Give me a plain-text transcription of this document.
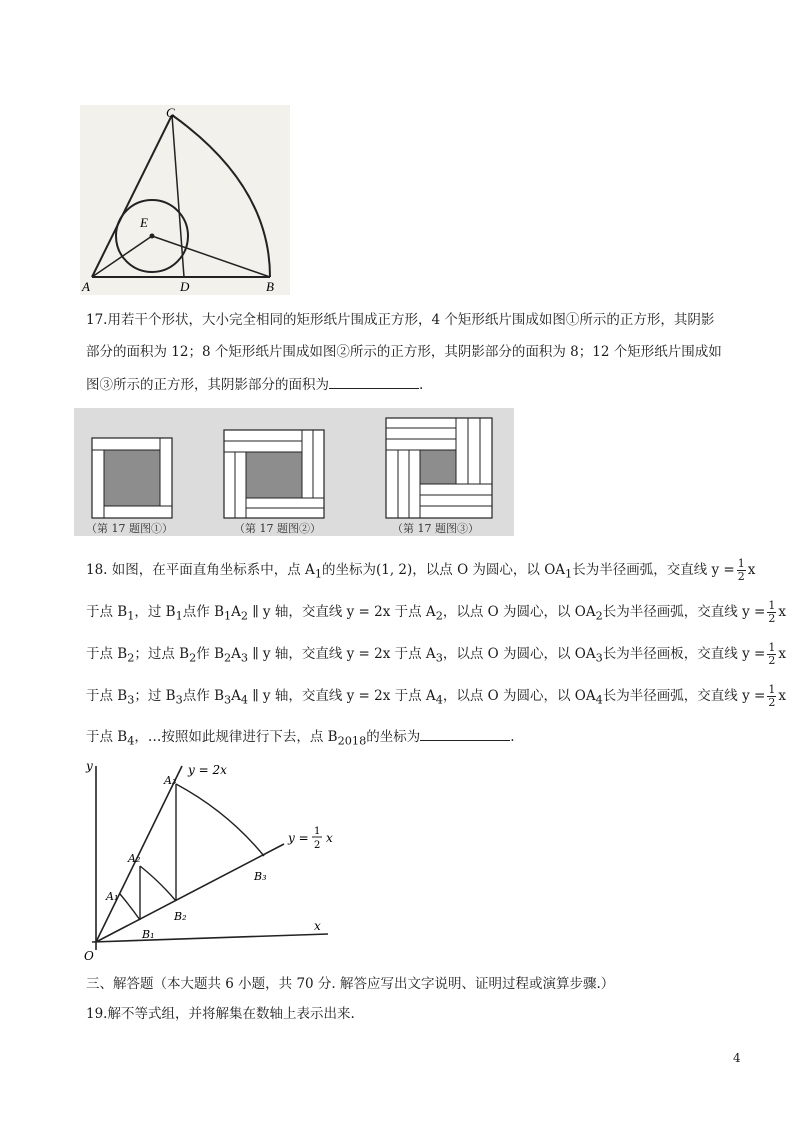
C
E
A	D	B
17.用若干个形状，大小完全相同的矩形纸片围成正方形，4 个矩形纸片围成如图①所示的正方形，其阴影
部分的面积为 12；8 个矩形纸片围成如图②所示的正方形，其阴影部分的面积为 8；12 个矩形纸片围成如
图③所示的正方形，其阴影部分的面积为	.
（第 17 题图①）	（第 17 题图②）	（第 17 题图③）
18. 如图，在平面直角坐标系中，点 $A_1$的坐标为(1, 2)，以点 O 为圆心，以 $OA_1$长为半径画弧，交直线 $y = \frac{1}{2}$ x
于点 $B_1$，过 $B_1$点作 $B_1A_2$ ∥ y 轴，交直线 y = 2x 于点 $A_2$，以点 O 为圆心，以 $OA_2$长为半径画弧，交直线 $y = \frac{1}{2}$ x
于点 $B_2$；过点 $B_2$作 $B_2A_3$ ∥ y 轴，交直线 y = 2x 于点 $A_3$，以点 O 为圆心，以 $OA_3$长为半径画板，交直线 $y = \frac{1}{2}$ x
于点 $B_3$；过 $B_3$点作 $B_3A_4$ ∥ y 轴，交直线 y = 2x 于点 $A_4$，以点 O 为圆心，以 $OA_4$长为半径画弧，交直线 $y = \frac{1}{2}$ x
于点 $B_4$，…按照如此规律进行下去，点 $B_{2018}$的坐标为	.
y
x
O
y = 2x
y = 1
2
x
A₁
A₂
A₃
B₁
B₂
B₃
三、解答题（本大题共 6 小题，共 70 分. 解答应写出文字说明、证明过程或演算步骤.）
19.解不等式组，并将解集在数轴上表示出来.
4
